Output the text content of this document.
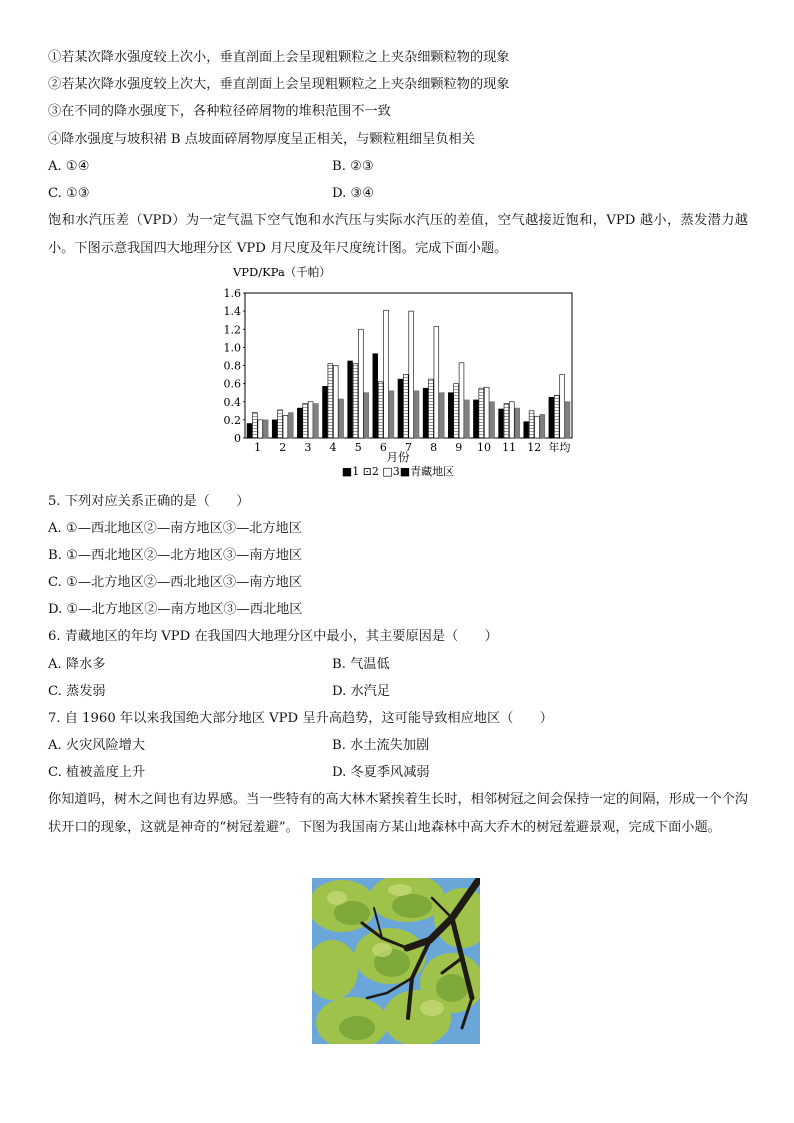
①若某次降水强度较上次小，垂直剖面上会呈现粗颗粒之上夹杂细颗粒物的现象
②若某次降水强度较上次大，垂直剖面上会呈现粗颗粒之上夹杂细颗粒物的现象
③在不同的降水强度下，各种粒径碎屑物的堆积范围不一致
④降水强度与坡积裙 B 点坡面碎屑物厚度呈正相关，与颗粒粗细呈负相关
A. ①④	B. ②③
C. ①③	D. ③④
饱和水汽压差（VPD）为一定气温下空气饱和水汽压与实际水汽压的差值，空气越接近饱和，VPD 越小，蒸发潜力越小。下图示意我国四大地理分区 VPD 月尺度及年尺度统计图。完成下面小题。
VPD/KPa（千帕）
0
0.2
0.4
0.6
0.8
1.0
1.2
1.4
1.6
1 2 3 4 5 6 7 8 9 10 11 12 年均
月份
■1 ⊡2 □3■青藏地区
5. 下列对应关系正确的是（　　）
A. ①—西北地区②—南方地区③—北方地区
B. ①—西北地区②—北方地区③—南方地区
C. ①—北方地区②—西北地区③—南方地区
D. ①—北方地区②—南方地区③—西北地区
6. 青藏地区的年均 VPD 在我国四大地理分区中最小，其主要原因是（　　）
A. 降水多	B. 气温低
C. 蒸发弱	D. 水汽足
7. 自 1960 年以来我国绝大部分地区 VPD 呈升高趋势，这可能导致相应地区（　　）
A. 火灾风险增大	B. 水土流失加剧
C. 植被盖度上升	D. 冬夏季风减弱
你知道吗，树木之间也有边界感。当一些特有的高大林木紧挨着生长时，相邻树冠之间会保持一定的间隔，形成一个个沟状开口的现象，这就是神奇的“树冠羞避”。下图为我国南方某山地森林中高大乔木的树冠羞避景观，完成下面小题。
